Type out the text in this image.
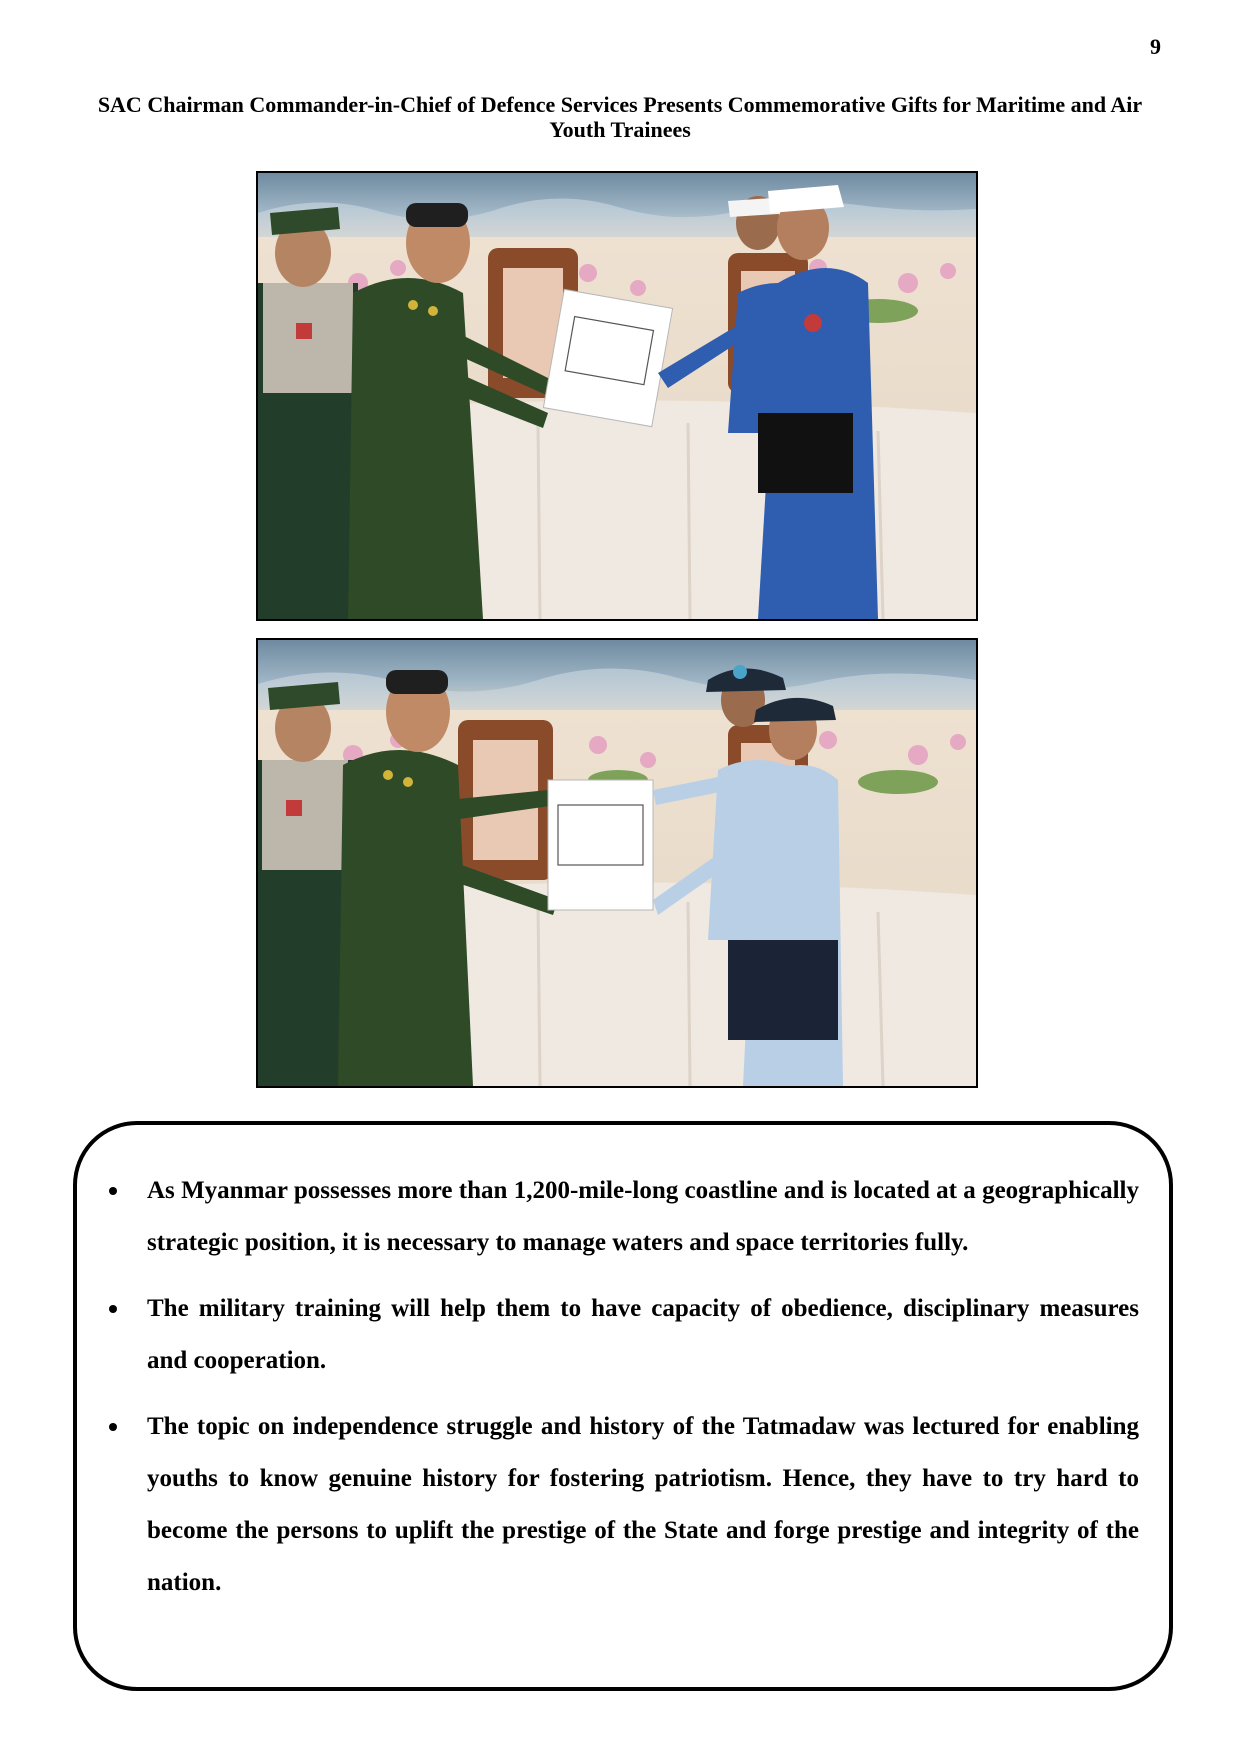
9
SAC Chairman Commander-in-Chief of Defence Services Presents Commemorative Gifts for Maritime and Air Youth Trainees
As Myanmar possesses more than 1,200-mile-long coastline and is located at a geographically strategic position, it is necessary to manage waters and space territories fully.
The military training will help them to have capacity of obedience, disciplinary measures and cooperation.
The topic on independence struggle and history of the Tatmadaw was lectured for enabling youths to know genuine history for fostering patriotism. Hence, they have to try hard to become the persons to uplift the prestige of the State and forge prestige and integrity of the nation.
